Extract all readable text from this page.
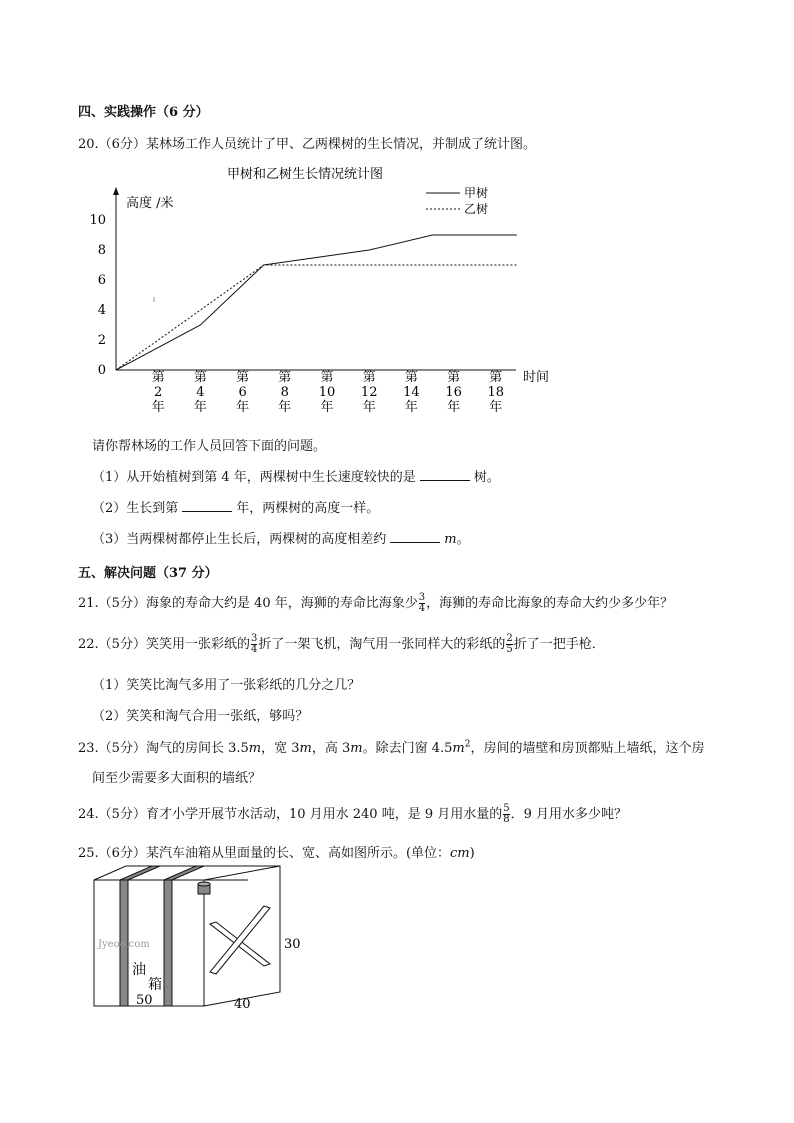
四、实践操作（6 分）
20.（6分）某林场工作人员统计了甲、乙两棵树的生长情况，并制成了统计图。
甲树和乙树生长情况统计图
高度 /米
时间
甲树
乙树
0
2
4
6
8
10
第
2
年
第
4
年
第
6
年
第
8
年
第
10
年
第
12
年
第
14
年
第
16
年
第
18
年
请你帮林场的工作人员回答下面的问题。
（1）从开始植树到第 4 年，两棵树中生长速度较快的是	树。
（2）生长到第	年，两棵树的高度一样。
（3）当两棵树都停止生长后，两棵树的高度相差约	m。
五、解决问题（37 分）
21.（5分）海象的寿命大约是 40 年，海狮的寿命比海象少 $\frac{3}{4}$ ，海狮的寿命比海象的寿命大约少多少年？
22.（5分）笑笑用一张彩纸的 $\frac{3}{4}$ 折了一架飞机，淘气用一张同样大的彩纸的 $\frac{2}{5}$ 折了一把手枪．
（1）笑笑比淘气多用了一张彩纸的几分之几？
（2）笑笑和淘气合用一张纸，够吗？
23.（5分）淘气的房间长 3.5m，宽 3m，高 3m。除去门窗 $4.5m^2$，房间的墙壁和房顶都贴上墙纸，这个房
间至少需要多大面积的墙纸？
24.（5分）育才小学开展节水活动，10 月用水 240 吨，是 9 月用水量的 $\frac{5}{8}$ ．9 月用水多少吨？
25.（6分）某汽车油箱从里面量的长、宽、高如图所示。(单位：cm)
Jyeoo.com
油
箱
50	40
30
